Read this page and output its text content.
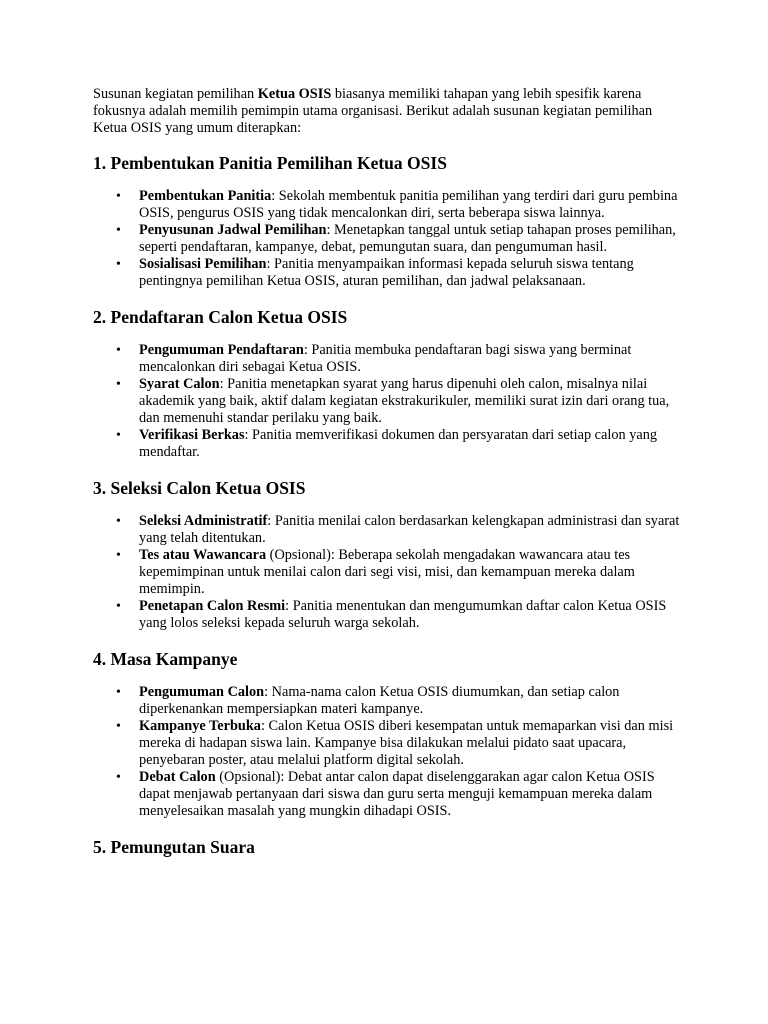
Susunan kegiatan pemilihan Ketua OSIS biasanya memiliki tahapan yang lebih spesifik karena fokusnya adalah memilih pemimpin utama organisasi. Berikut adalah susunan kegiatan pemilihan Ketua OSIS yang umum diterapkan:

1. Pembentukan Panitia Pemilihan Ketua OSIS
• Pembentukan Panitia: Sekolah membentuk panitia pemilihan yang terdiri dari guru pembina OSIS, pengurus OSIS yang tidak mencalonkan diri, serta beberapa siswa lainnya.
• Penyusunan Jadwal Pemilihan: Menetapkan tanggal untuk setiap tahapan proses pemilihan, seperti pendaftaran, kampanye, debat, pemungutan suara, dan pengumuman hasil.
• Sosialisasi Pemilihan: Panitia menyampaikan informasi kepada seluruh siswa tentang pentingnya pemilihan Ketua OSIS, aturan pemilihan, dan jadwal pelaksanaan.
2. Pendaftaran Calon Ketua OSIS
• Pengumuman Pendaftaran: Panitia membuka pendaftaran bagi siswa yang berminat mencalonkan diri sebagai Ketua OSIS.
• Syarat Calon: Panitia menetapkan syarat yang harus dipenuhi oleh calon, misalnya nilai akademik yang baik, aktif dalam kegiatan ekstrakurikuler, memiliki surat izin dari orang tua, dan memenuhi standar perilaku yang baik.
• Verifikasi Berkas: Panitia memverifikasi dokumen dan persyaratan dari setiap calon yang mendaftar.
3. Seleksi Calon Ketua OSIS
• Seleksi Administratif: Panitia menilai calon berdasarkan kelengkapan administrasi dan syarat yang telah ditentukan.
• Tes atau Wawancara (Opsional): Beberapa sekolah mengadakan wawancara atau tes kepemimpinan untuk menilai calon dari segi visi, misi, dan kemampuan mereka dalam memimpin.
• Penetapan Calon Resmi: Panitia menentukan dan mengumumkan daftar calon Ketua OSIS yang lolos seleksi kepada seluruh warga sekolah.
4. Masa Kampanye
• Pengumuman Calon: Nama-nama calon Ketua OSIS diumumkan, dan setiap calon diperkenankan mempersiapkan materi kampanye.
• Kampanye Terbuka: Calon Ketua OSIS diberi kesempatan untuk memaparkan visi dan misi mereka di hadapan siswa lain. Kampanye bisa dilakukan melalui pidato saat upacara, penyebaran poster, atau melalui platform digital sekolah.
• Debat Calon (Opsional): Debat antar calon dapat diselenggarakan agar calon Ketua OSIS dapat menjawab pertanyaan dari siswa dan guru serta menguji kemampuan mereka dalam menyelesaikan masalah yang mungkin dihadapi OSIS.
5. Pemungutan Suara
